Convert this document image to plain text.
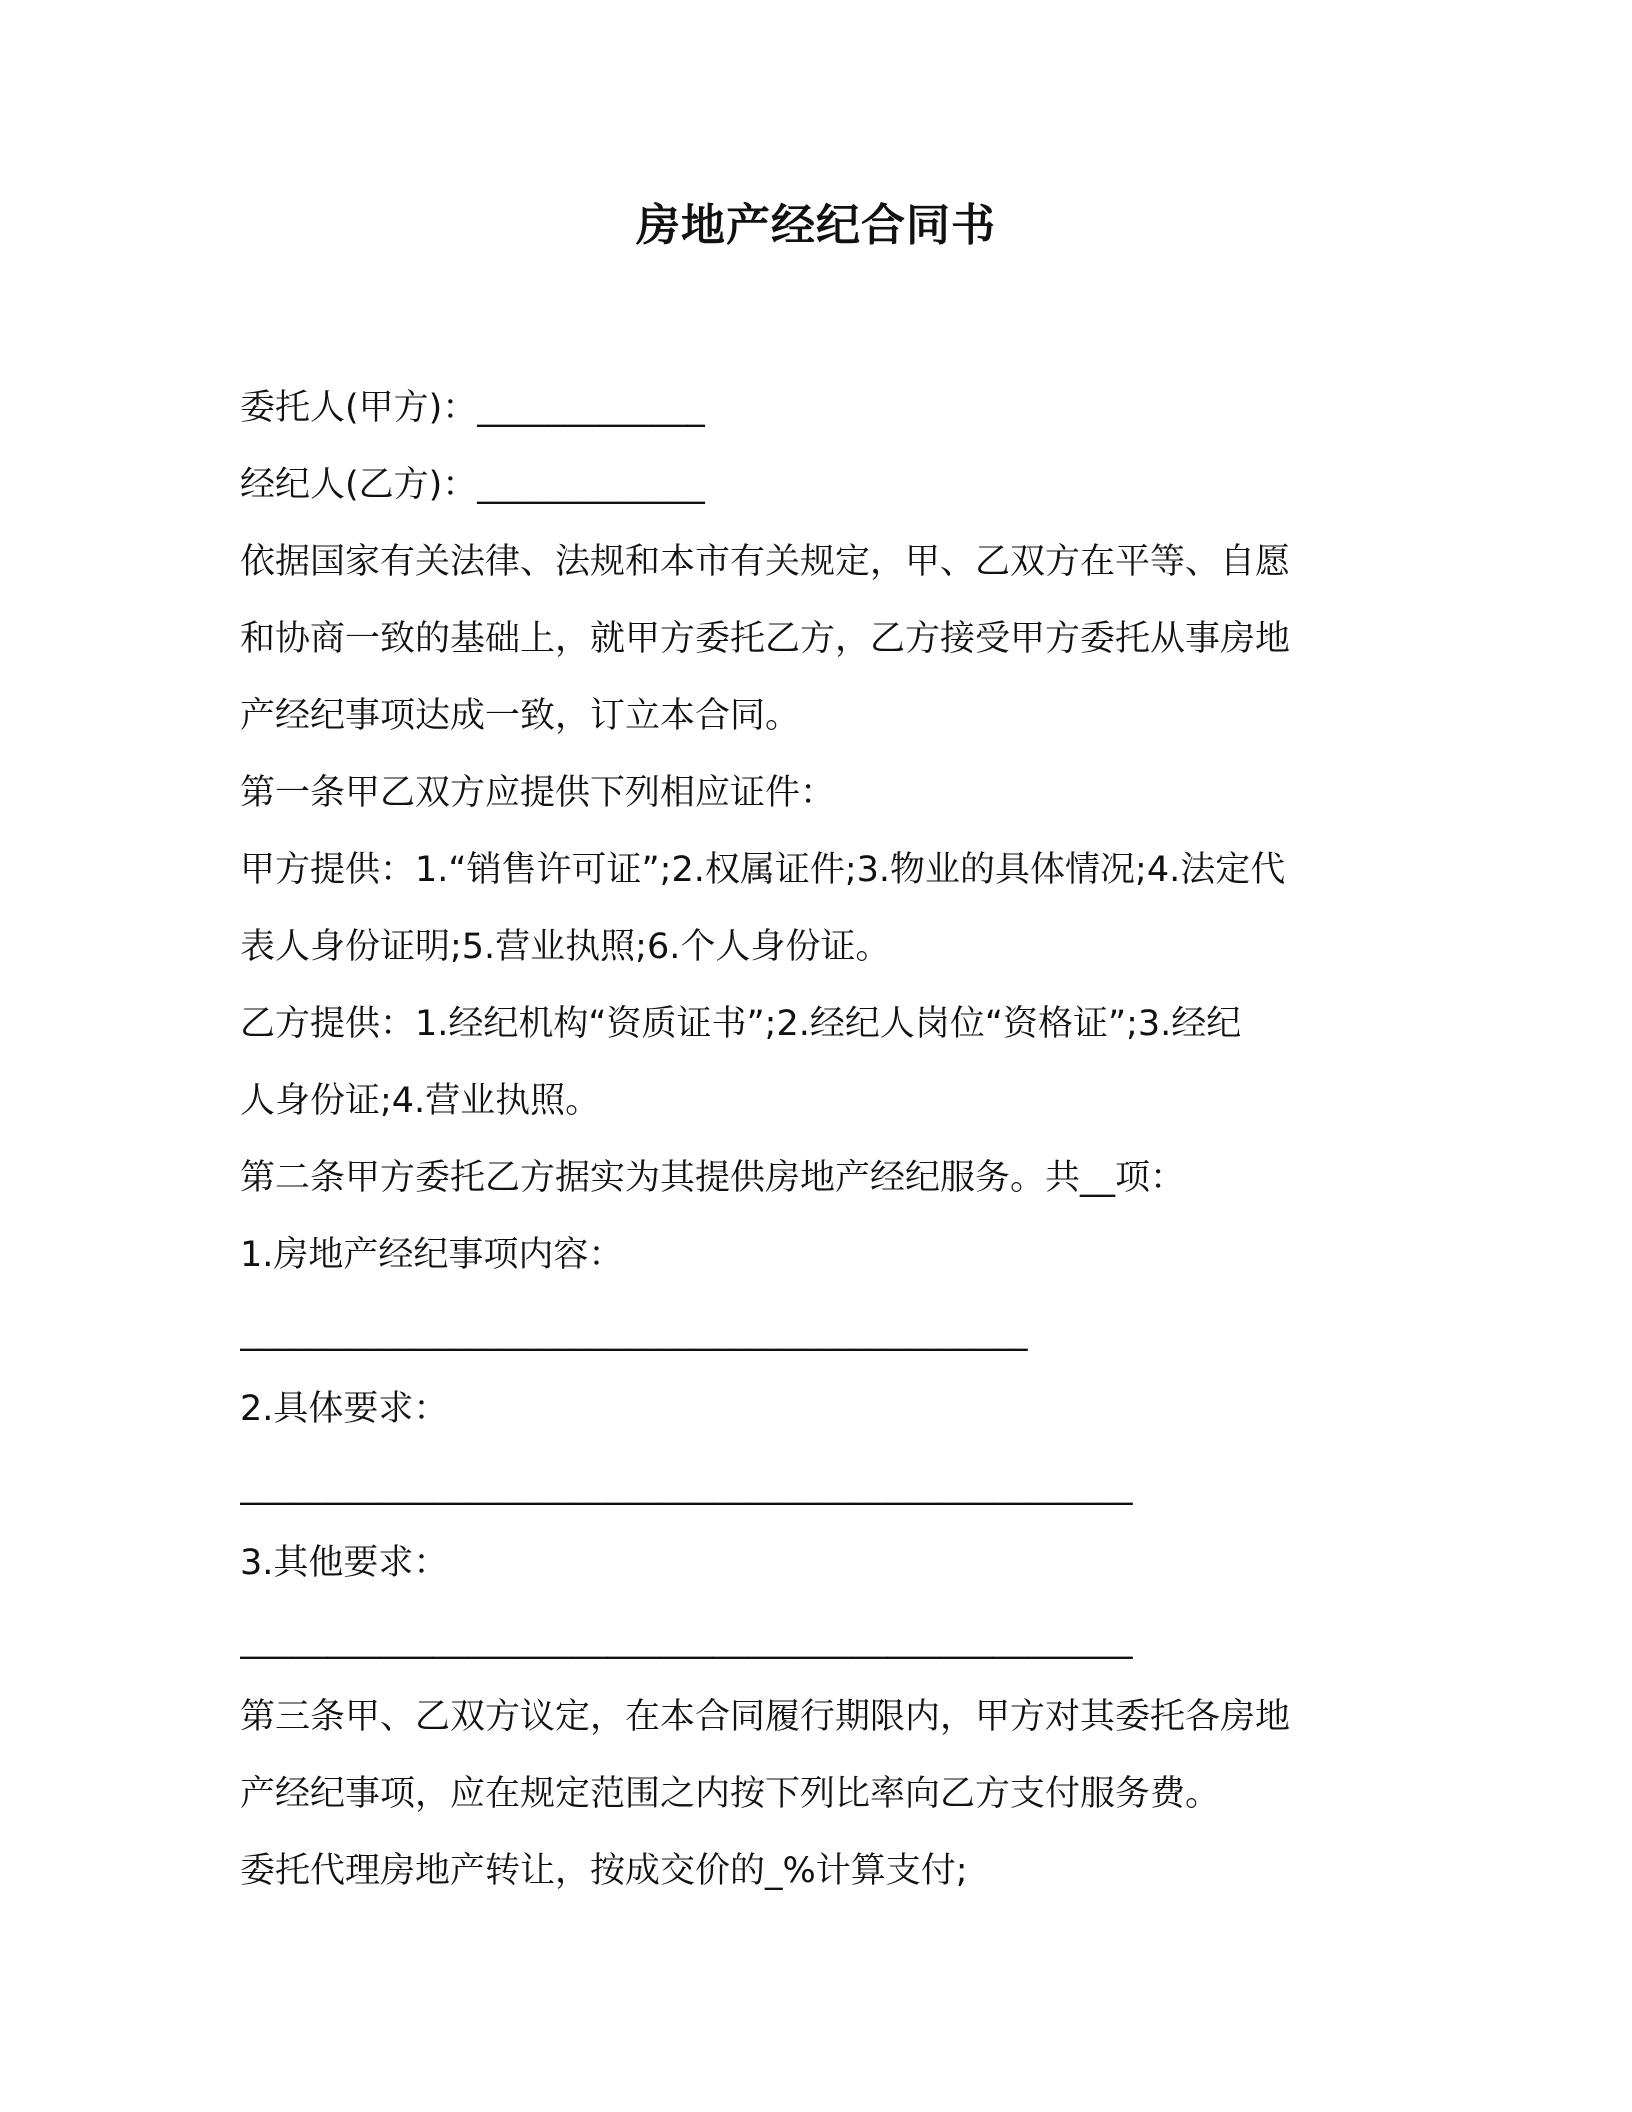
房地产经纪合同书
委托人(甲方)：_____________
经纪人(乙方)：_____________
依据国家有关法律、法规和本市有关规定，甲、乙双方在平等、自愿
和协商一致的基础上，就甲方委托乙方，乙方接受甲方委托从事房地
产经纪事项达成一致，订立本合同。
第一条甲乙双方应提供下列相应证件：
甲方提供：1.“销售许可证”;2.权属证件;3.物业的具体情况;4.法定代
表人身份证明;5.营业执照;6.个人身份证。
乙方提供：1.经纪机构“资质证书”;2.经纪人岗位“资格证”;3.经纪
人身份证;4.营业执照。
第二条甲方委托乙方据实为其提供房地产经纪服务。共__项：
1.房地产经纪事项内容：
_____________________________________________
2.具体要求：
___________________________________________________
3.其他要求：
___________________________________________________
第三条甲、乙双方议定，在本合同履行期限内，甲方对其委托各房地
产经纪事项，应在规定范围之内按下列比率向乙方支付服务费。
委托代理房地产转让，按成交价的_%计算支付;
